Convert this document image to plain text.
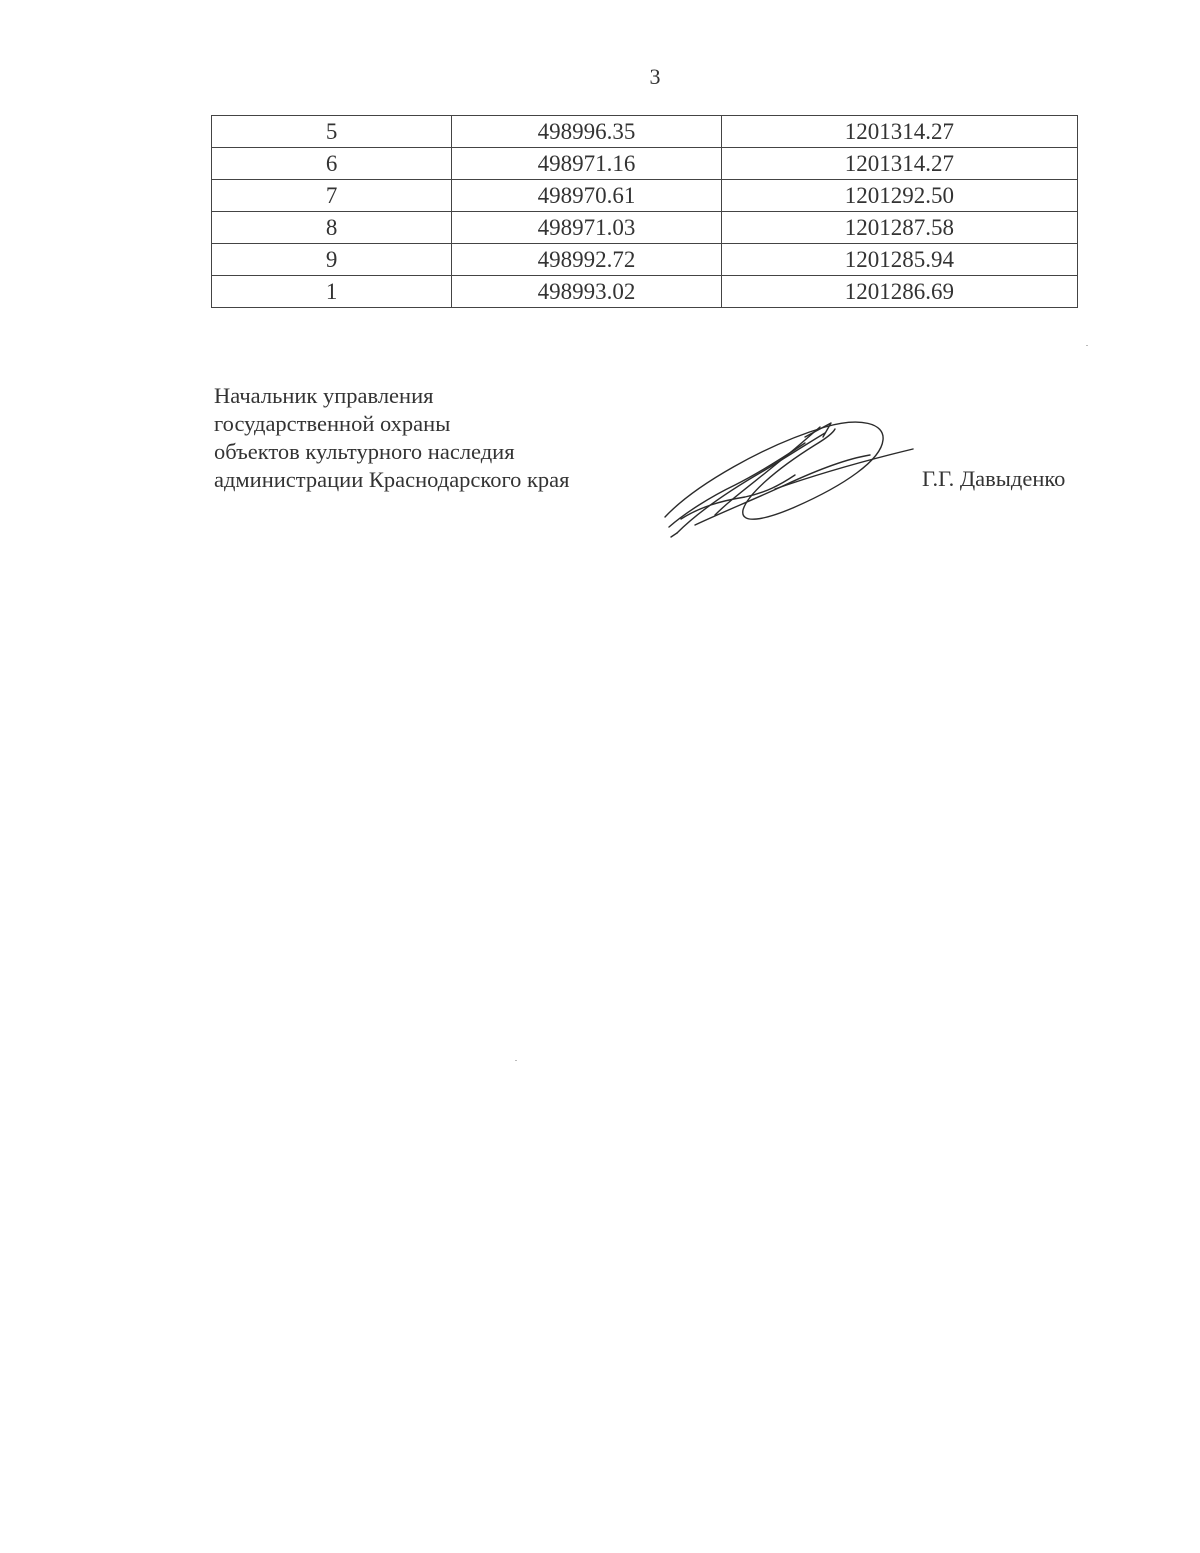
3
5	498996.35	1201314.27
6	498971.16	1201314.27
7	498970.61	1201292.50
8	498971.03	1201287.58
9	498992.72	1201285.94
1	498993.02	1201286.69
Начальник управления
государственной охраны
объектов культурного наследия
администрации Краснодарского края	Г.Г. Давыденко
